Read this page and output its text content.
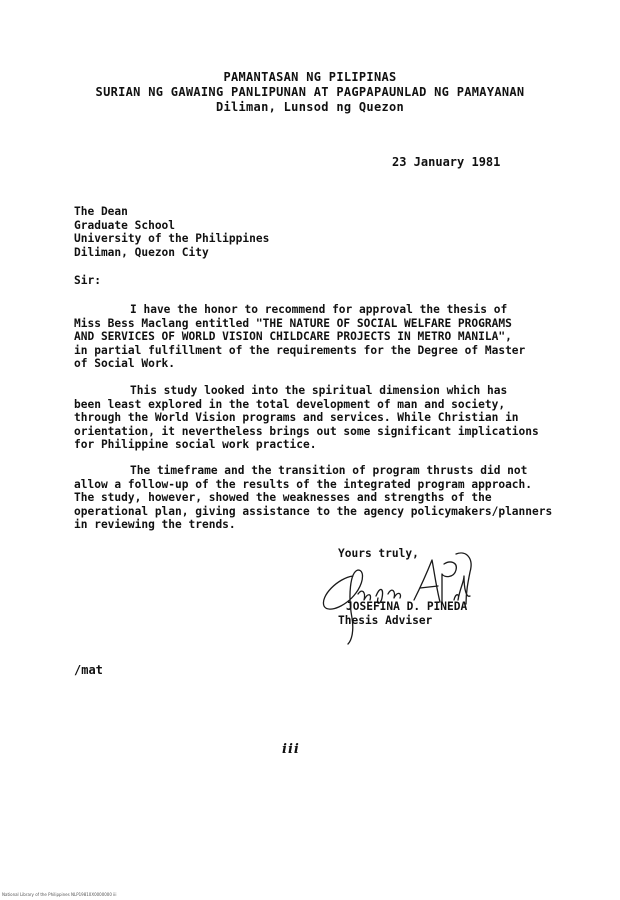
PAMANTASAN NG PILIPINAS
SURIAN NG GAWAING PANLIPUNAN AT PAGPAPAUNLAD NG PAMAYANAN
Diliman, Lunsod ng Quezon
23 January 1981
The Dean
Graduate School
University of the Philippines
Diliman, Quezon City
Sir:
I have the honor to recommend for approval the thesis of
Miss Bess Maclang entitled "THE NATURE OF SOCIAL WELFARE PROGRAMS
AND SERVICES OF WORLD VISION CHILDCARE PROJECTS IN METRO MANILA",
in partial fulfillment of the requirements for the Degree of Master
of Social Work.
This study looked into the spiritual dimension which has
been least explored in the total development of man and society,
through the World Vision programs and services. While Christian in
orientation, it nevertheless brings out some significant implications
for Philippine social work practice.
The timeframe and the transition of program thrusts did not
allow a follow-up of the results of the integrated program approach.
The study, however, showed the weaknesses and strengths of the
operational plan, giving assistance to the agency policymakers/planners
in reviewing the trends.
Yours truly,
JOSEFINA D. PINEDA
Thesis Adviser
/mat
iii
National Library of the Philippines NLP19810X0000000 iii
